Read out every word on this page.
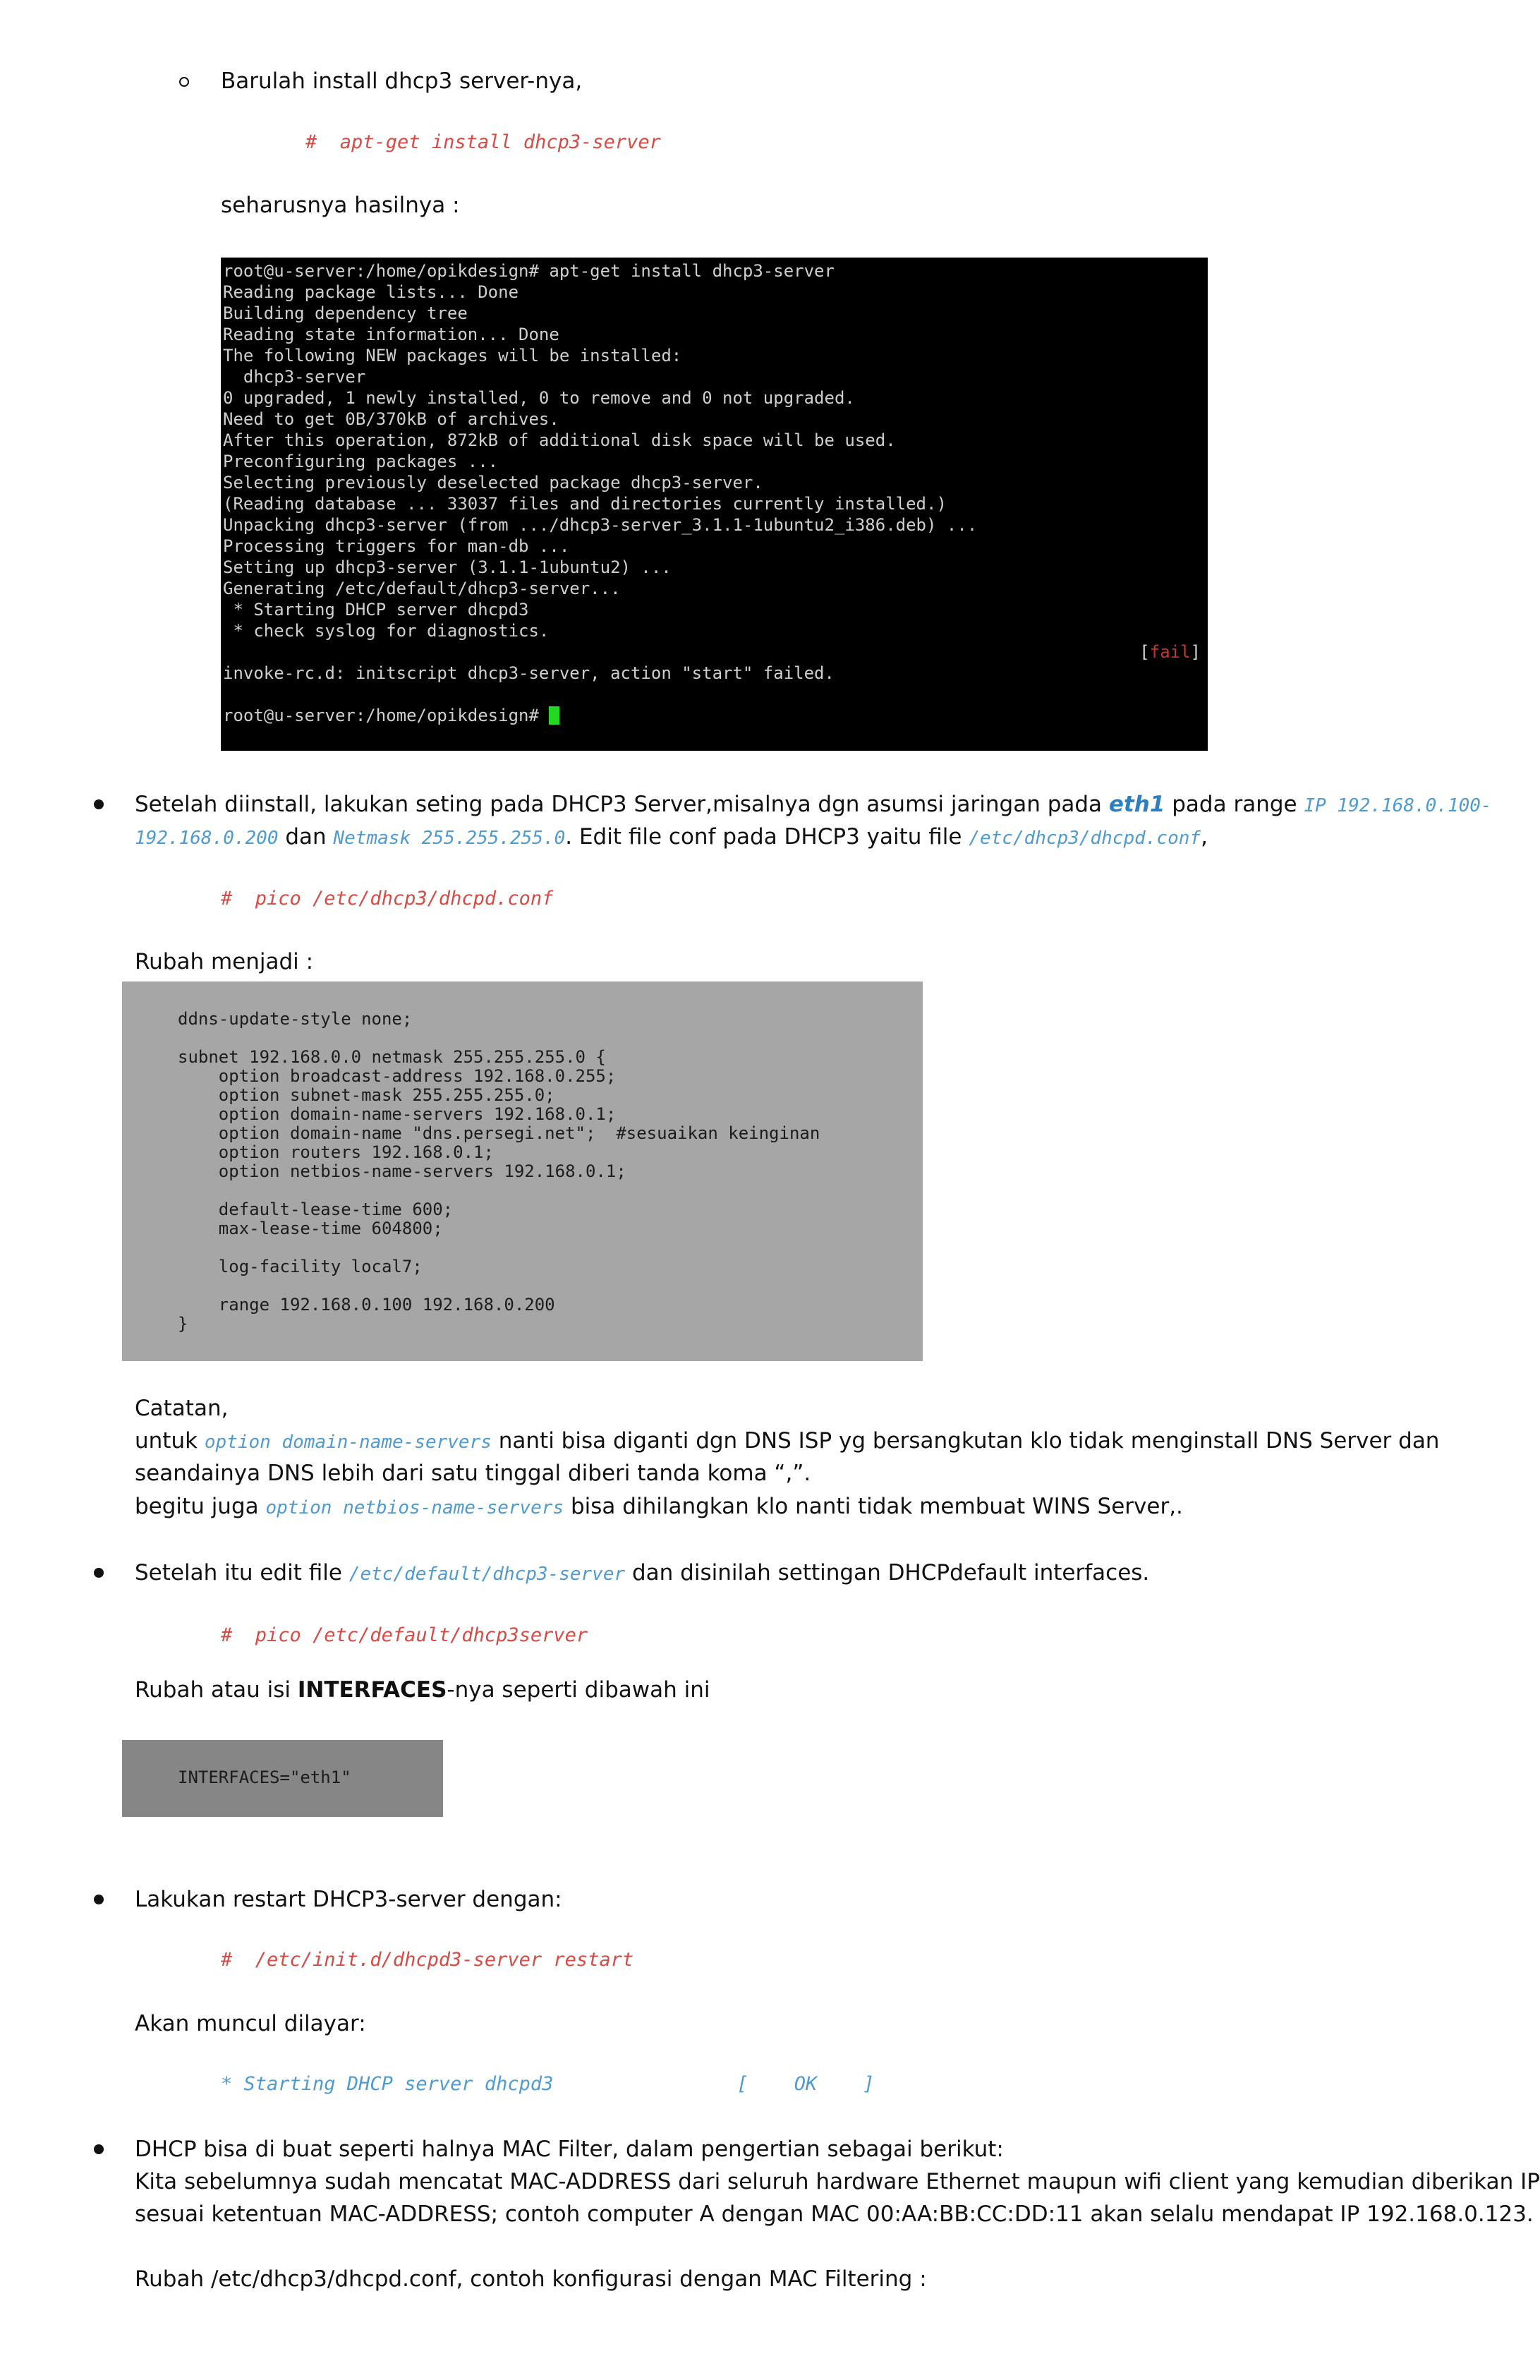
Barulah install dhcp3 server-nya,
#  apt-get install dhcp3-server
seharusnya hasilnya :
root@u-server:/home/opikdesign# apt-get install dhcp3-server
Reading package lists... Done
Building dependency tree
Reading state information... Done
The following NEW packages will be installed:
dhcp3-server
0 upgraded, 1 newly installed, 0 to remove and 0 not upgraded.
Need to get 0B/370kB of archives.
After this operation, 872kB of additional disk space will be used.
Preconfiguring packages ...
Selecting previously deselected package dhcp3-server.
(Reading database ... 33037 files and directories currently installed.)
Unpacking dhcp3-server (from .../dhcp3-server_3.1.1-1ubuntu2_i386.deb) ...
Processing triggers for man-db ...
Setting up dhcp3-server (3.1.1-1ubuntu2) ...
Generating /etc/default/dhcp3-server...
* Starting DHCP server dhcpd3
* check syslog for diagnostics.
[fail]
invoke-rc.d: initscript dhcp3-server, action "start" failed.
root@u-server:/home/opikdesign#
Setelah diinstall, lakukan seting pada DHCP3 Server,misalnya dgn asumsi jaringan pada eth1 pada range IP 192.168.0.100-
192.168.0.200 dan Netmask 255.255.255.0. Edit file conf pada DHCP3 yaitu file /etc/dhcp3/dhcpd.conf,
#  pico /etc/dhcp3/dhcpd.conf
Rubah menjadi :
ddns-update-style none;
subnet 192.168.0.0 netmask 255.255.255.0 {
option broadcast-address 192.168.0.255;
option subnet-mask 255.255.255.0;
option domain-name-servers 192.168.0.1;
option domain-name "dns.persegi.net";  #sesuaikan keinginan
option routers 192.168.0.1;
option netbios-name-servers 192.168.0.1;
default-lease-time 600;
max-lease-time 604800;
log-facility local7;
range 192.168.0.100 192.168.0.200
}
Catatan,
untuk option domain-name-servers nanti bisa diganti dgn DNS ISP yg bersangkutan klo tidak menginstall DNS Server dan
seandainya DNS lebih dari satu tinggal diberi tanda koma “,”.
begitu juga option netbios-name-servers bisa dihilangkan klo nanti tidak membuat WINS Server,.
Setelah itu edit file /etc/default/dhcp3-server dan disinilah settingan DHCPdefault interfaces.
#  pico /etc/default/dhcp3server
Rubah atau isi INTERFACES-nya seperti dibawah ini
INTERFACES="eth1"
Lakukan restart DHCP3-server dengan:
#  /etc/init.d/dhcpd3-server restart
Akan muncul dilayar:
* Starting DHCP server dhcpd3                [    OK    ]
DHCP bisa di buat seperti halnya MAC Filter, dalam pengertian sebagai berikut:
Kita sebelumnya sudah mencatat MAC-ADDRESS dari seluruh hardware Ethernet maupun wifi client yang kemudian diberikan IP
sesuai ketentuan MAC-ADDRESS; contoh computer A dengan MAC 00:AA:BB:CC:DD:11 akan selalu mendapat IP 192.168.0.123.
Rubah /etc/dhcp3/dhcpd.conf, contoh konfigurasi dengan MAC Filtering :
